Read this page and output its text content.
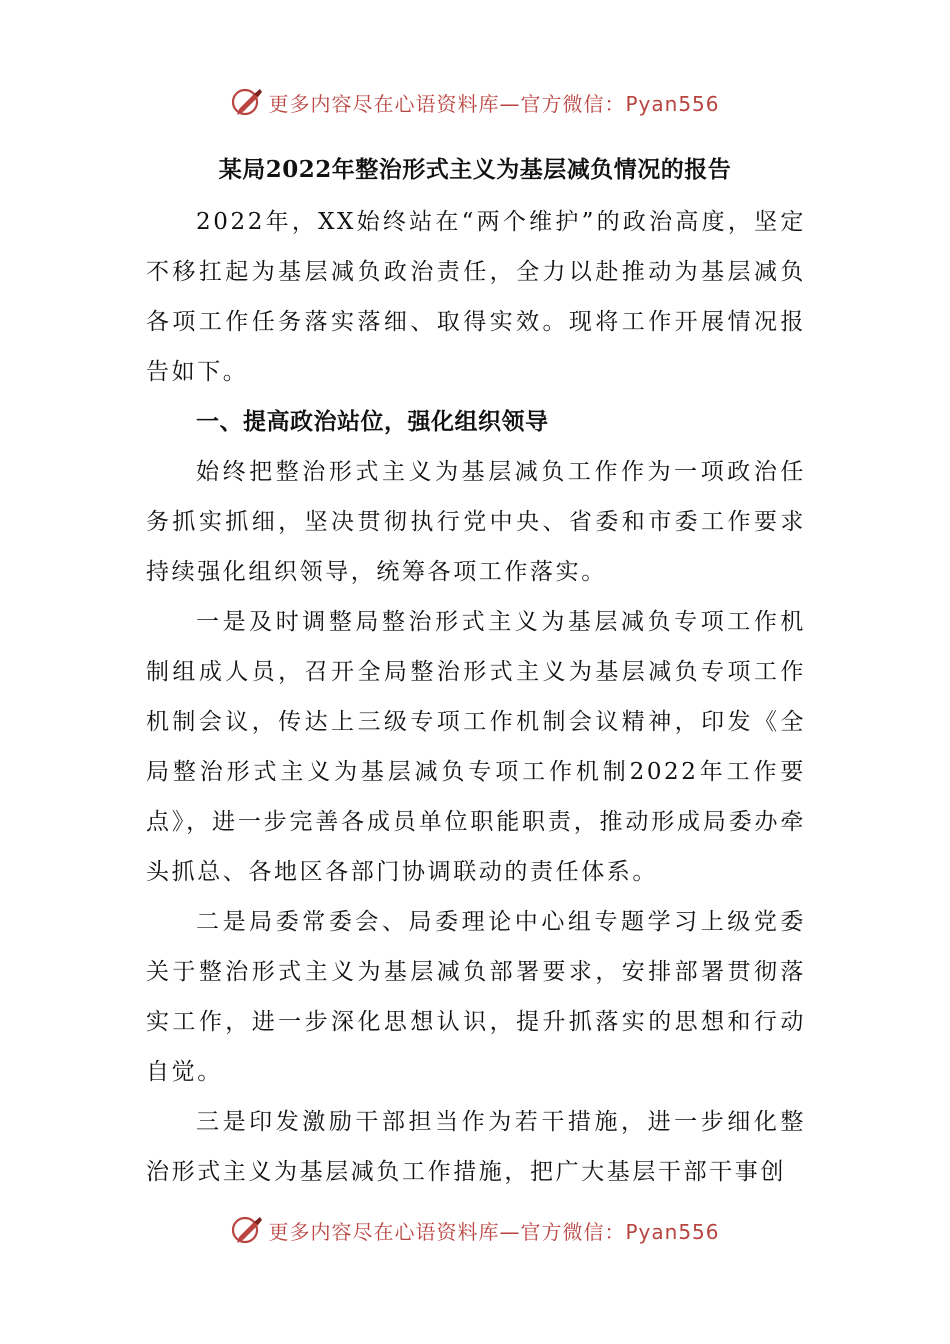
更多内容尽在心语资料库—官方微信：Pyan556
某局2022年整治形式主义为基层减负情况的报告

2022年，XX始终站在“两个维护”的政治高度，坚定不移扛起为基层减负政治责任，全力以赴推动为基层减负各项工作任务落实落细、取得实效。现将工作开展情况报告如下。

一、提高政治站位，强化组织领导

始终把整治形式主义为基层减负工作作为一项政治任务抓实抓细，坚决贯彻执行党中央、省委和市委工作要求持续强化组织领导，统筹各项工作落实。

一是及时调整局整治形式主义为基层减负专项工作机制组成人员，召开全局整治形式主义为基层减负专项工作机制会议，传达上三级专项工作机制会议精神，印发《全局整治形式主义为基层减负专项工作机制2022年工作要点》，进一步完善各成员单位职能职责，推动形成局委办牵头抓总、各地区各部门协调联动的责任体系。

二是局委常委会、局委理论中心组专题学习上级党委关于整治形式主义为基层减负部署要求，安排部署贯彻落实工作，进一步深化思想认识，提升抓落实的思想和行动自觉。

三是印发激励干部担当作为若干措施，进一步细化整治形式主义为基层减负工作措施，把广大基层干部干事创

更多内容尽在心语资料库—官方微信：Pyan556
